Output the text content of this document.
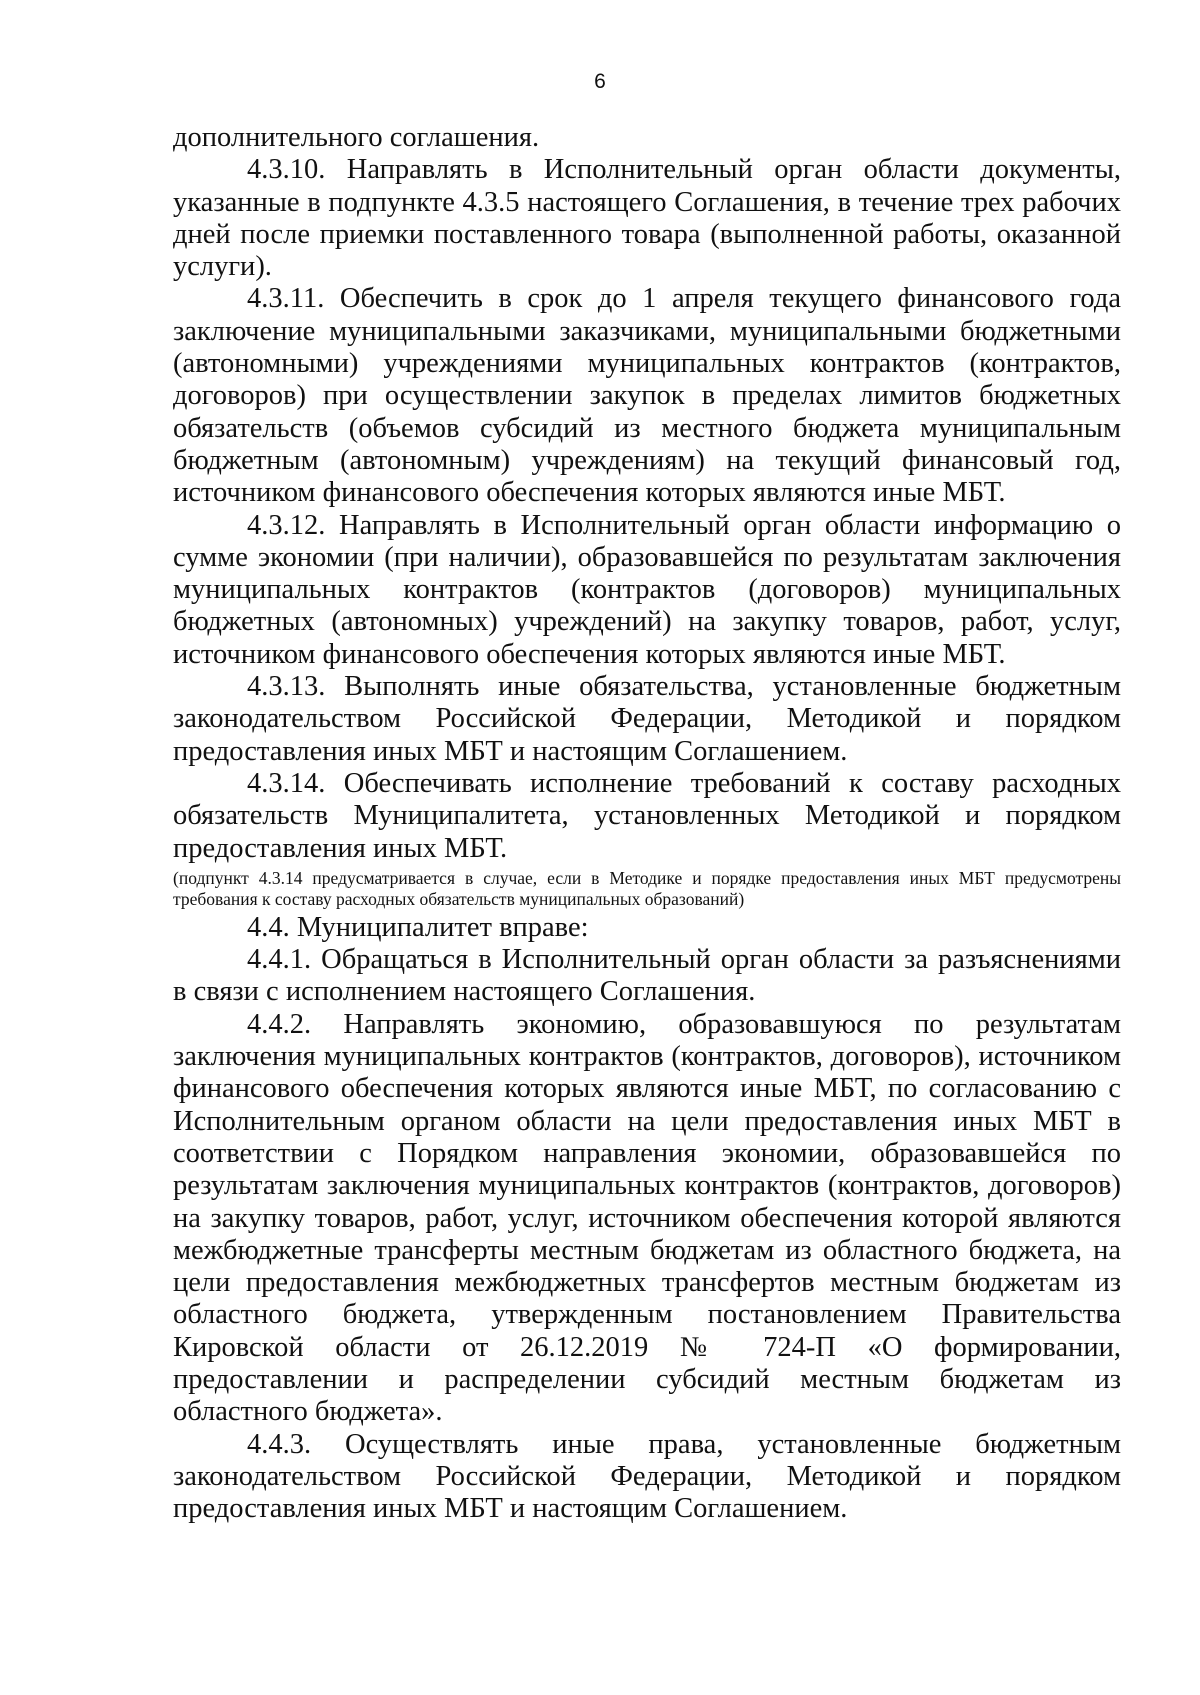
6

дополнительного соглашения.

4.3.10. Направлять в Исполнительный орган области документы, указанные в подпункте 4.3.5 настоящего Соглашения, в течение трех рабочих дней после приемки поставленного товара (выполненной работы, оказанной услуги).

4.3.11. Обеспечить в срок до 1 апреля текущего финансового года заключение муниципальными заказчиками, муниципальными бюджетными (автономными) учреждениями муниципальных контрактов (контрактов, договоров) при осуществлении закупок в пределах лимитов бюджетных обязательств (объемов субсидий из местного бюджета муниципальным бюджетным (автономным) учреждениям) на текущий финансовый год, источником финансового обеспечения которых являются иные МБТ.

4.3.12. Направлять в Исполнительный орган области информацию о сумме экономии (при наличии), образовавшейся по результатам заключения муниципальных контрактов (контрактов (договоров) муниципальных бюджетных (автономных) учреждений) на закупку товаров, работ, услуг, источником финансового обеспечения которых являются иные МБТ.

4.3.13. Выполнять иные обязательства, установленные бюджетным законодательством Российской Федерации, Методикой и порядком предоставления иных МБТ и настоящим Соглашением.

4.3.14. Обеспечивать исполнение требований к составу расходных обязательств Муниципалитета, установленных Методикой и порядком предоставления иных МБТ.

(подпункт 4.3.14 предусматривается в случае, если в Методике и порядке предоставления иных МБТ предусмотрены требования к составу расходных обязательств муниципальных образований)

4.4. Муниципалитет вправе:

4.4.1. Обращаться в Исполнительный орган области за разъяснениями в связи с исполнением настоящего Соглашения.

4.4.2. Направлять экономию, образовавшуюся по результатам заключения муниципальных контрактов (контрактов, договоров), источником финансового обеспечения которых являются иные МБТ, по согласованию с Исполнительным органом области на цели предоставления иных МБТ в соответствии с Порядком направления экономии, образовавшейся по результатам заключения муниципальных контрактов (контрактов, договоров) на закупку товаров, работ, услуг, источником обеспечения которой являются межбюджетные трансферты местным бюджетам из областного бюджета, на цели предоставления межбюджетных трансфертов местным бюджетам из областного бюджета, утвержденным постановлением Правительства Кировской области от 26.12.2019 № 724-П «О формировании, предоставлении и распределении субсидий местным бюджетам из областного бюджета».

4.4.3. Осуществлять иные права, установленные бюджетным законодательством Российской Федерации, Методикой и порядком предоставления иных МБТ и настоящим Соглашением.
